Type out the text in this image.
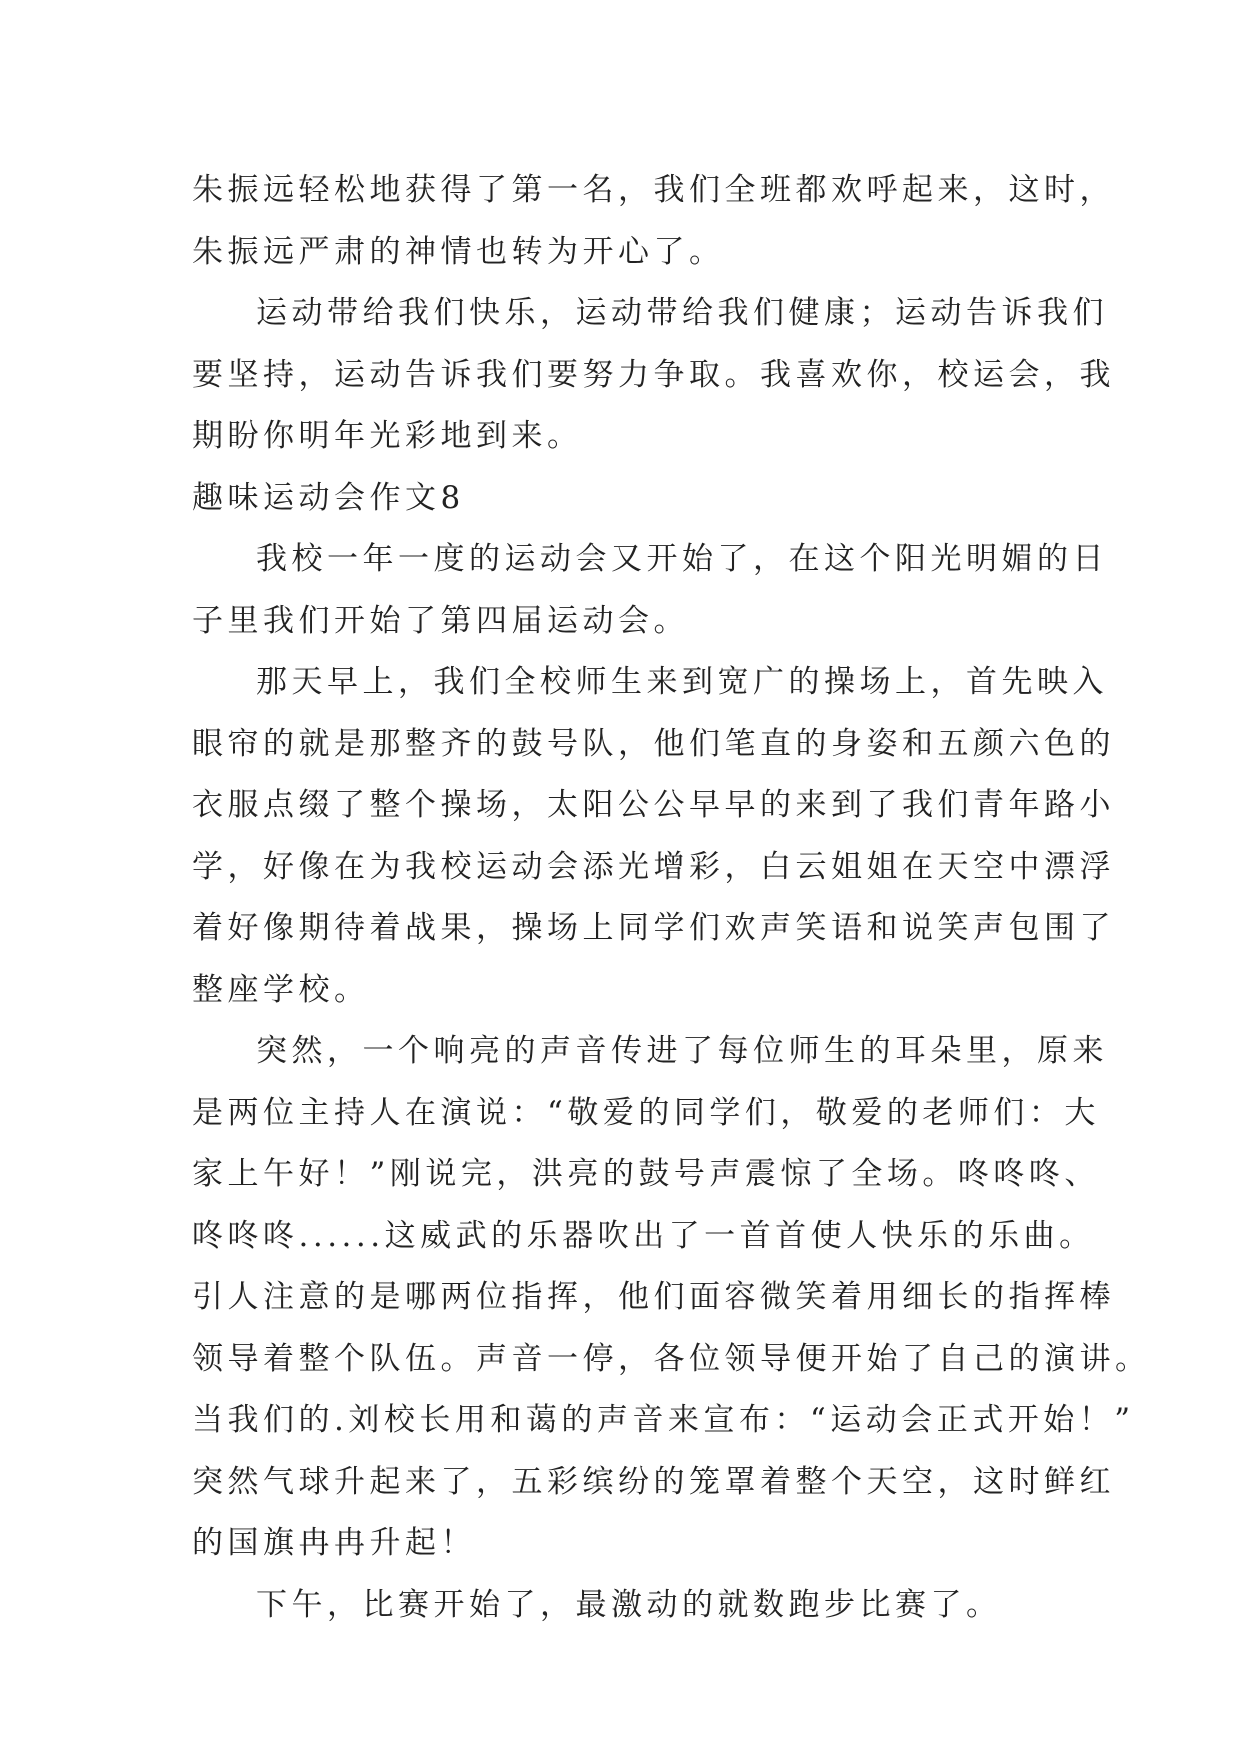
朱振远轻松地获得了第一名，我们全班都欢呼起来，这时，
朱振远严肃的神情也转为开心了。
运动带给我们快乐，运动带给我们健康；运动告诉我们
要坚持，运动告诉我们要努力争取。我喜欢你，校运会，我
期盼你明年光彩地到来。
趣味运动会作文8
我校一年一度的运动会又开始了，在这个阳光明媚的日
子里我们开始了第四届运动会。
那天早上，我们全校师生来到宽广的操场上，首先映入
眼帘的就是那整齐的鼓号队，他们笔直的身姿和五颜六色的
衣服点缀了整个操场，太阳公公早早的来到了我们青年路小
学，好像在为我校运动会添光增彩，白云姐姐在天空中漂浮
着好像期待着战果，操场上同学们欢声笑语和说笑声包围了
整座学校。
突然，一个响亮的声音传进了每位师生的耳朵里，原来
是两位主持人在演说：“敬爱的同学们，敬爱的老师们：大
家上午好！”刚说完，洪亮的鼓号声震惊了全场。咚咚咚、
咚咚咚......这威武的乐器吹出了一首首使人快乐的乐曲。
引人注意的是哪两位指挥，他们面容微笑着用细长的指挥棒
领导着整个队伍。声音一停，各位领导便开始了自己的演讲。
当我们的.刘校长用和蔼的声音来宣布：“运动会正式开始！”
突然气球升起来了，五彩缤纷的笼罩着整个天空，这时鲜红
的国旗冉冉升起！
下午，比赛开始了，最激动的就数跑步比赛了。
